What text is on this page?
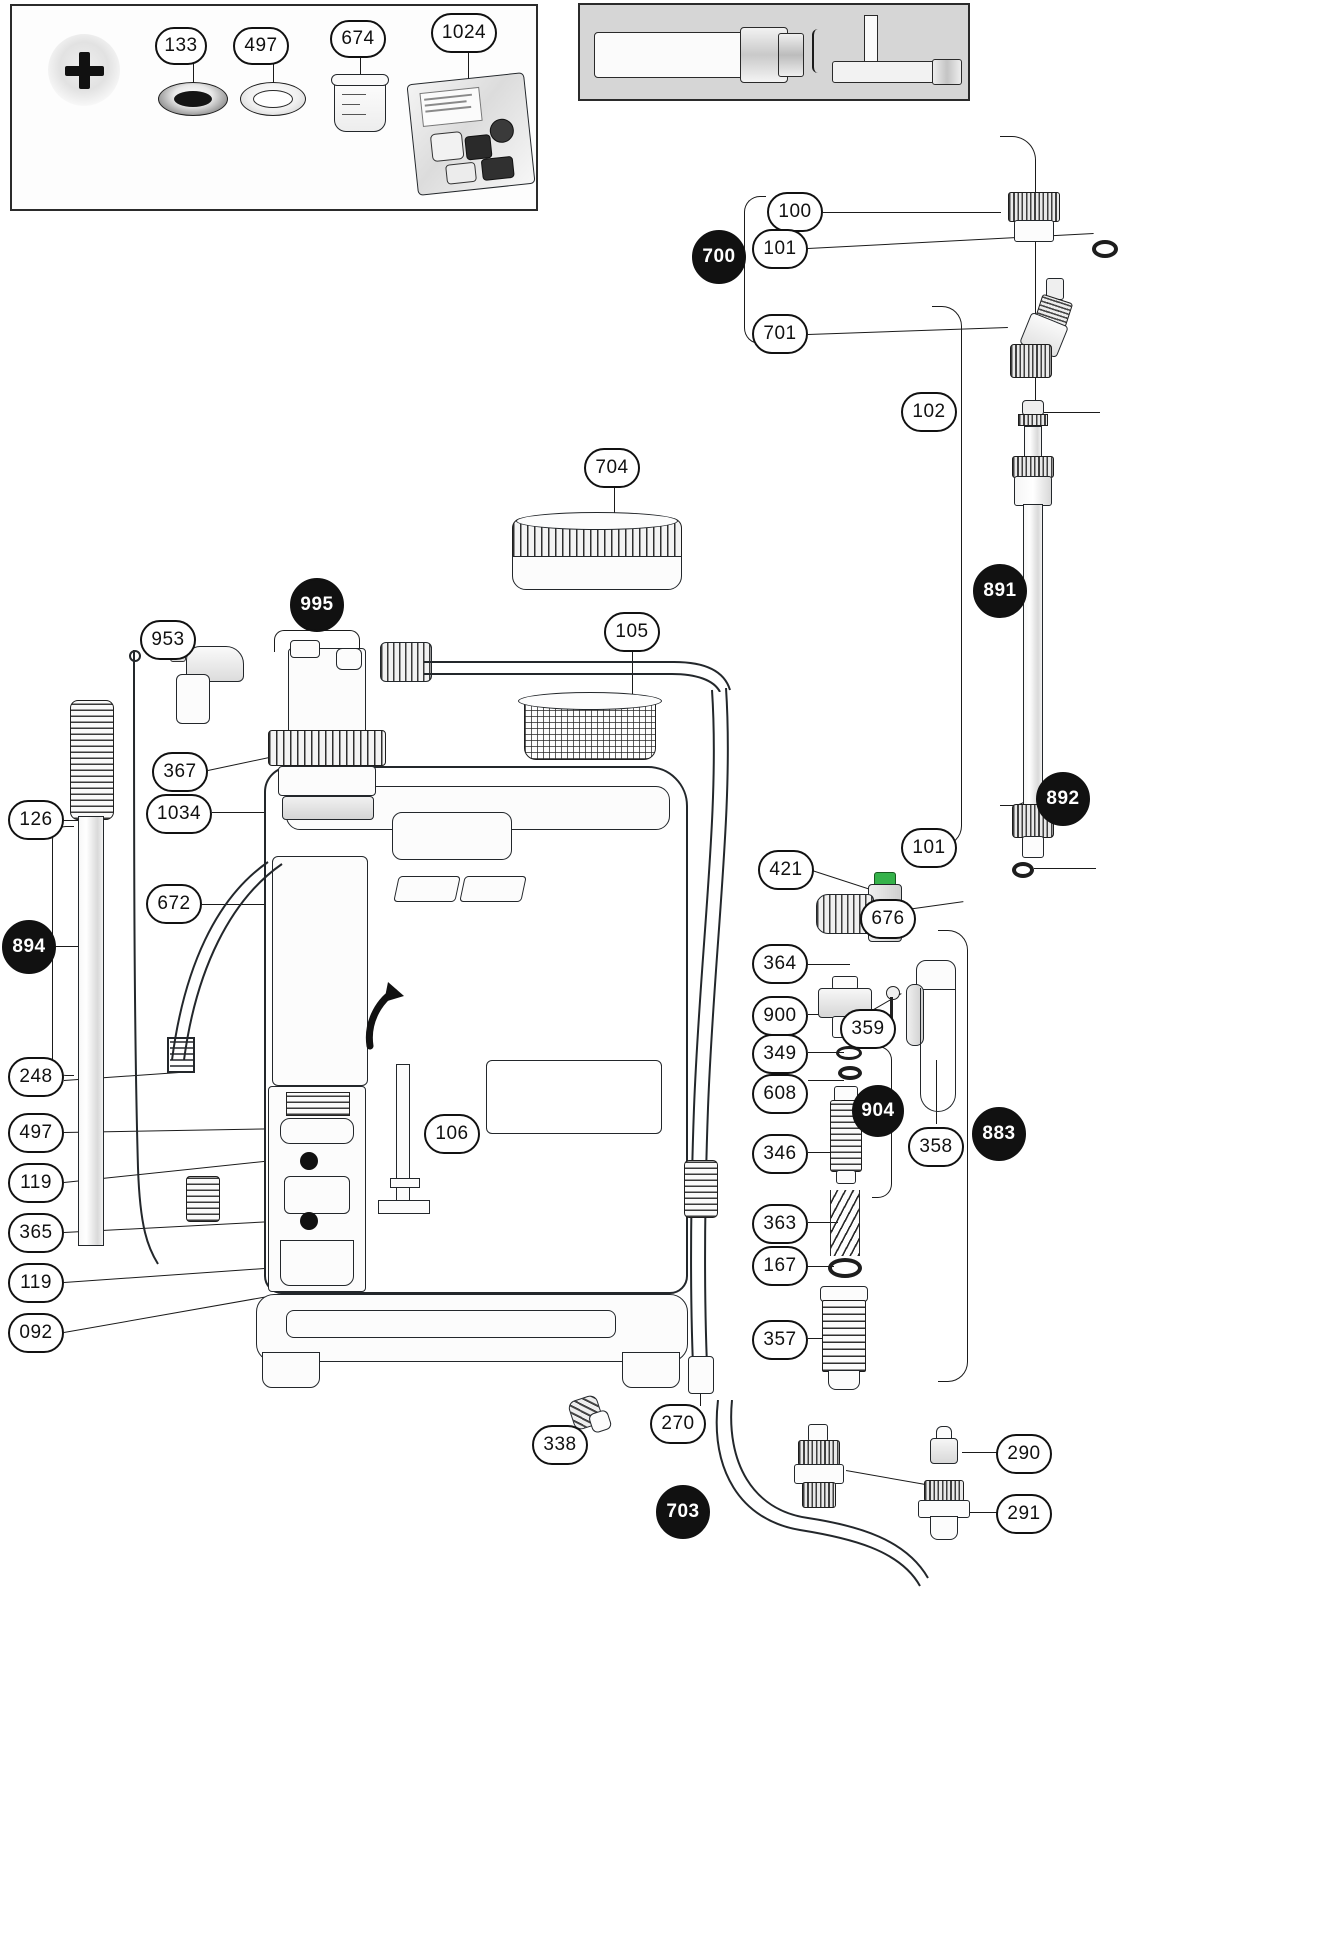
133	497	674	1024
100
101
700
701
102
891
892
101
421
676
364
900
359
349
608
904
346
883
358
363
167
357
704
105
995
953
367
1034
126
672
894
248
497
119
365
119
092
106
338
270
703
290
291
